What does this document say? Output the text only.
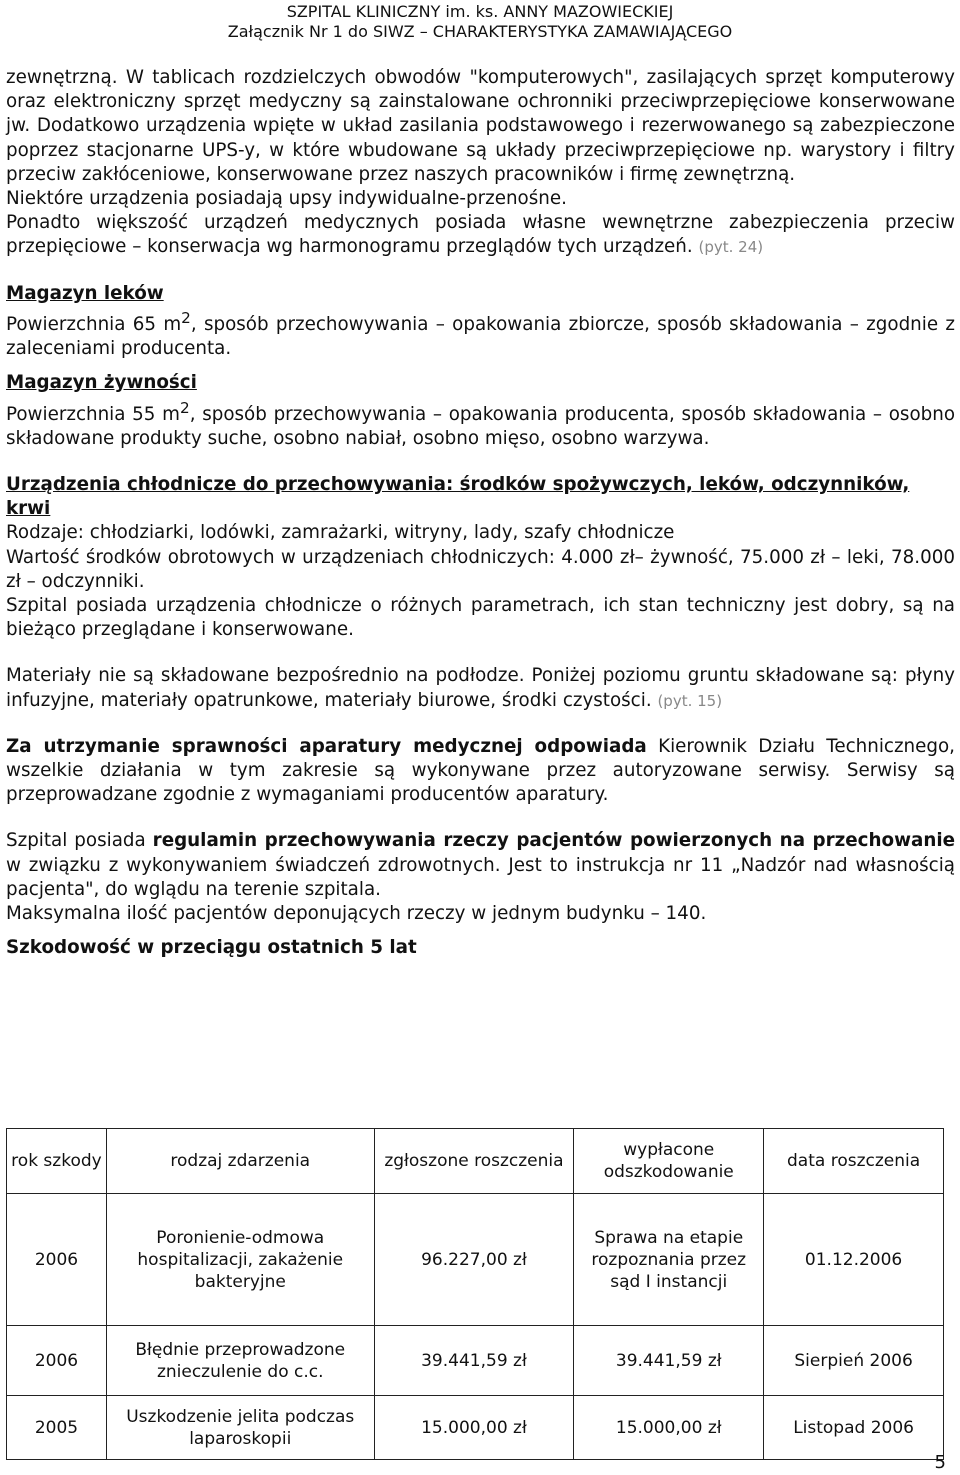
SZPITAL KLINICZNY im. ks. ANNY MAZOWIECKIEJ
Załącznik Nr 1 do SIWZ – CHARAKTERYSTYKA ZAMAWIAJĄCEGO

zewnętrzną. W tablicach rozdzielczych obwodów "komputerowych", zasilających sprzęt komputerowy oraz elektroniczny sprzęt medyczny są zainstalowane ochronniki przeciwprzepięciowe konserwowane jw. Dodatkowo urządzenia wpięte w układ zasilania podstawowego i rezerwowanego są zabezpieczone poprzez stacjonarne UPS-y, w które wbudowane są układy przeciwprzepięciowe np. warystory i filtry przeciw zakłóceniowe, konserwowane przez naszych pracowników i firmę zewnętrzną.

Niektóre urządzenia posiadają upsy indywidualne-przenośne.

Ponadto większość urządzeń medycznych posiada własne wewnętrzne zabezpieczenia przeciw przepięciowe – konserwacja wg harmonogramu przeglądów tych urządzeń. (pyt. 24)

Magazyn leków

Powierzchnia 65 $m^2$, sposób przechowywania – opakowania zbiorcze, sposób składowania – zgodnie z zaleceniami producenta.

Magazyn żywności

Powierzchnia 55 $m^2$, sposób przechowywania – opakowania producenta, sposób składowania – osobno składowane produkty suche, osobno nabiał, osobno mięso, osobno warzywa.

Urządzenia chłodnicze do przechowywania: środków spożywczych, leków, odczynników, krwi

Rodzaje: chłodziarki, lodówki, zamrażarki, witryny, lady, szafy chłodnicze

Wartość środków obrotowych w urządzeniach chłodniczych: 4.000 zł– żywność, 75.000 zł – leki, 78.000 zł – odczynniki.

Szpital posiada urządzenia chłodnicze o różnych parametrach, ich stan techniczny jest dobry, są na bieżąco przeglądane i konserwowane.

Materiały nie są składowane bezpośrednio na podłodze. Poniżej poziomu gruntu składowane są: płyny infuzyjne, materiały opatrunkowe, materiały biurowe, środki czystości. (pyt. 15)

Za utrzymanie sprawności aparatury medycznej odpowiada Kierownik Działu Technicznego, wszelkie działania w tym zakresie są wykonywane przez autoryzowane serwisy. Serwisy są przeprowadzane zgodnie z wymaganiami producentów aparatury.

Szpital posiada regulamin przechowywania rzeczy pacjentów powierzonych na przechowanie w związku z wykonywaniem świadczeń zdrowotnych. Jest to instrukcja nr 11 „Nadzór nad własnością pacjenta", do wglądu na terenie szpitala.

Maksymalna ilość pacjentów deponujących rzeczy w jednym budynku – 140.

Szkodowość w przeciągu ostatnich 5 lat
rok szkody	rodzaj zdarzenia	zgłoszone roszczenia	wypłacone odszkodowanie	data roszczenia
2006	Poronienie-odmowa hospitalizacji, zakażenie bakteryjne	96.227,00 zł	Sprawa na etapie rozpoznania przez sąd I instancji	01.12.2006
2006	Błędnie przeprowadzone znieczulenie do c.c.	39.441,59 zł	39.441,59 zł	Sierpień 2006
2005	Uszkodzenie jelita podczas laparoskopii	15.000,00 zł	15.000,00 zł	Listopad 2006
5
